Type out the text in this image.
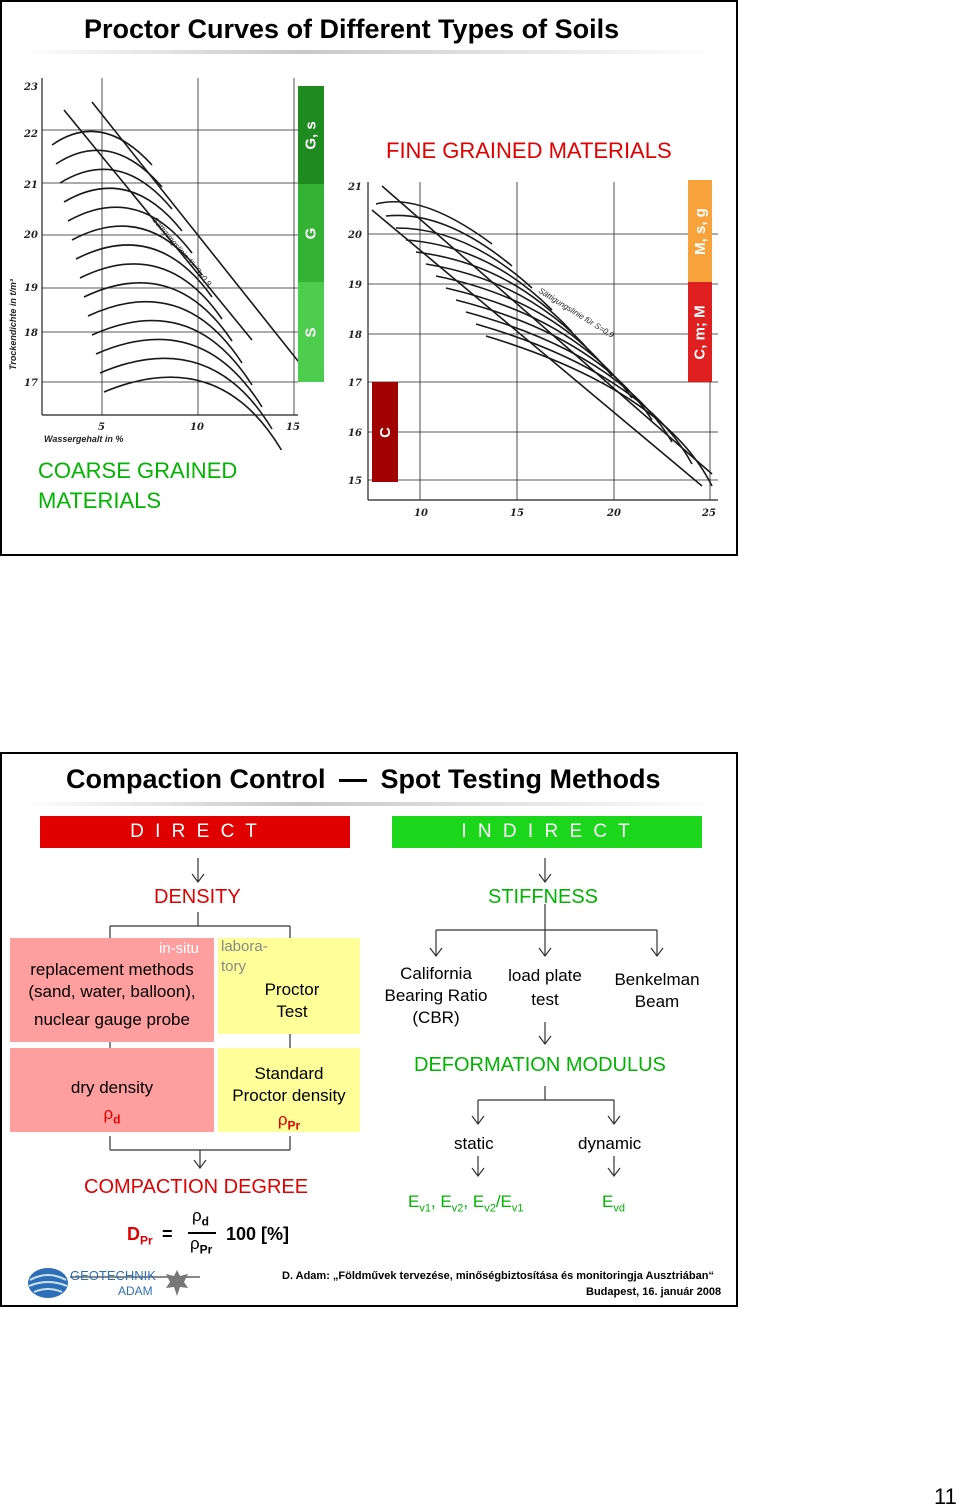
Proctor Curves of Different Types of Soils
Sättigungslinie für S=0,9
23
22
21
20
19
18
17
5	10	15
Trockendichte in t/m³
Wassergehalt in %
G, s
G
S
FINE GRAINED MATERIALS
COARSE GRAINED
MATERIALS
Sättigungslinie für S=0,9
21
20
19
18
17
16
15
10	15	20	25
M, s, g
C, m; M
C
Compaction Control Spot Testing Methods
D I R E C T	I N D I R E C T
DENSITY	STIFFNESS
in-situ
replacement methods
(sand, water, balloon),
nuclear gauge probe
labora-
tory
Proctor
Test
dry density
$\rho_d$
Standard
Proctor density
$\rho_{Pr}$
COMPACTION DEGREE
$D_{Pr}$ =
$\rho_d$
$\rho_{Pr}$
100 [%]
California
Bearing Ratio
(CBR)
load plate
test
Benkelman
Beam
DEFORMATION MODULUS
static	dynamic
$E_{v1}$, $E_{v2}$, $E_{v2}/E_{v1}$	$E_{vd}$
GEOTECHNIK
ADAM
D. Adam: „Földművek tervezése, minőségbiztosítása és monitoringja Ausztriában“
Budapest, 16. január 2008
11
